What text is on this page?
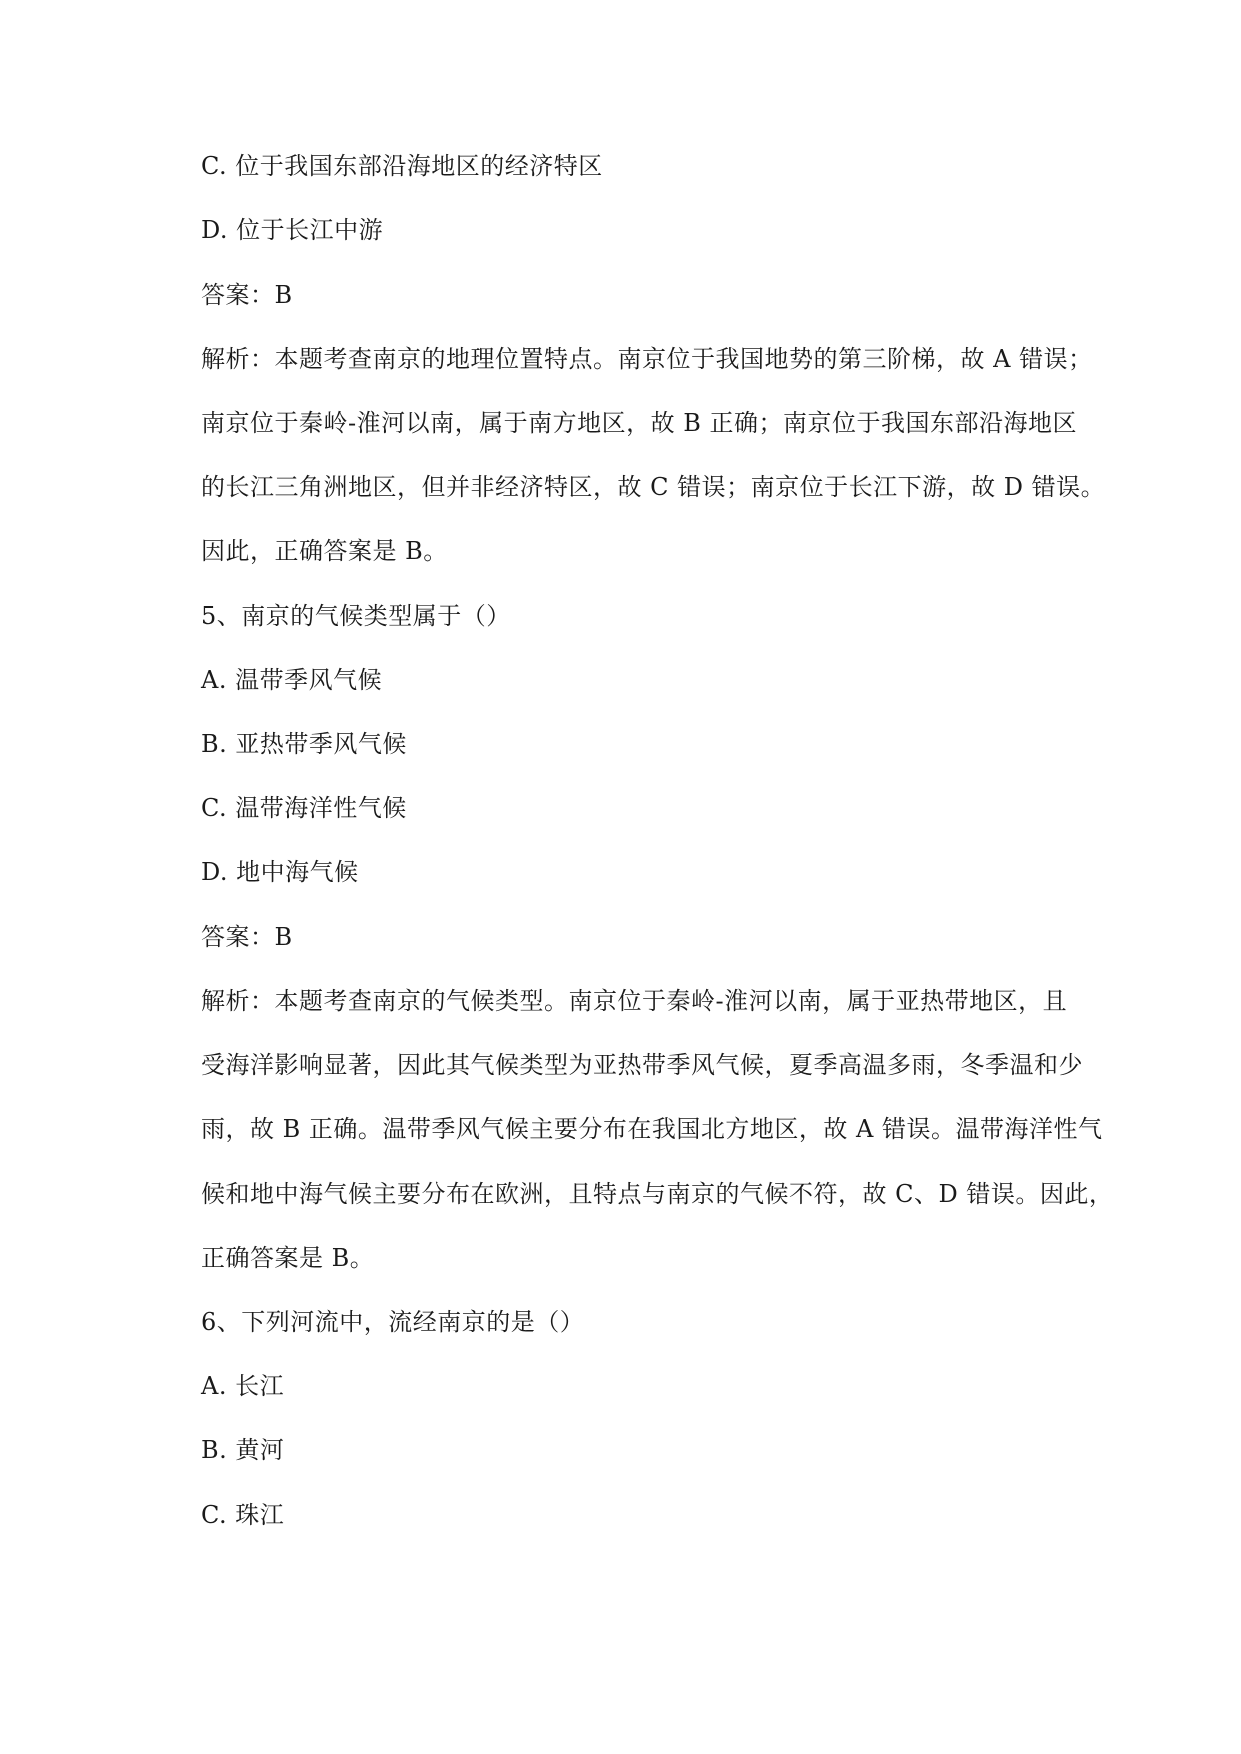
C. 位于我国东部沿海地区的经济特区
D. 位于长江中游
答案：B
解析：本题考查南京的地理位置特点。南京位于我国地势的第三阶梯，故 A 错误；
南京位于秦岭-淮河以南，属于南方地区，故 B 正确；南京位于我国东部沿海地区
的长江三角洲地区，但并非经济特区，故 C 错误；南京位于长江下游，故 D 错误。
因此，正确答案是 B。
5、南京的气候类型属于（）
A. 温带季风气候
B. 亚热带季风气候
C. 温带海洋性气候
D. 地中海气候
答案：B
解析：本题考查南京的气候类型。南京位于秦岭-淮河以南，属于亚热带地区，且
受海洋影响显著，因此其气候类型为亚热带季风气候，夏季高温多雨，冬季温和少
雨，故 B 正确。温带季风气候主要分布在我国北方地区，故 A 错误。温带海洋性气
候和地中海气候主要分布在欧洲，且特点与南京的气候不符，故 C、D 错误。因此，
正确答案是 B。
6、下列河流中，流经南京的是（）
A. 长江
B. 黄河
C. 珠江
